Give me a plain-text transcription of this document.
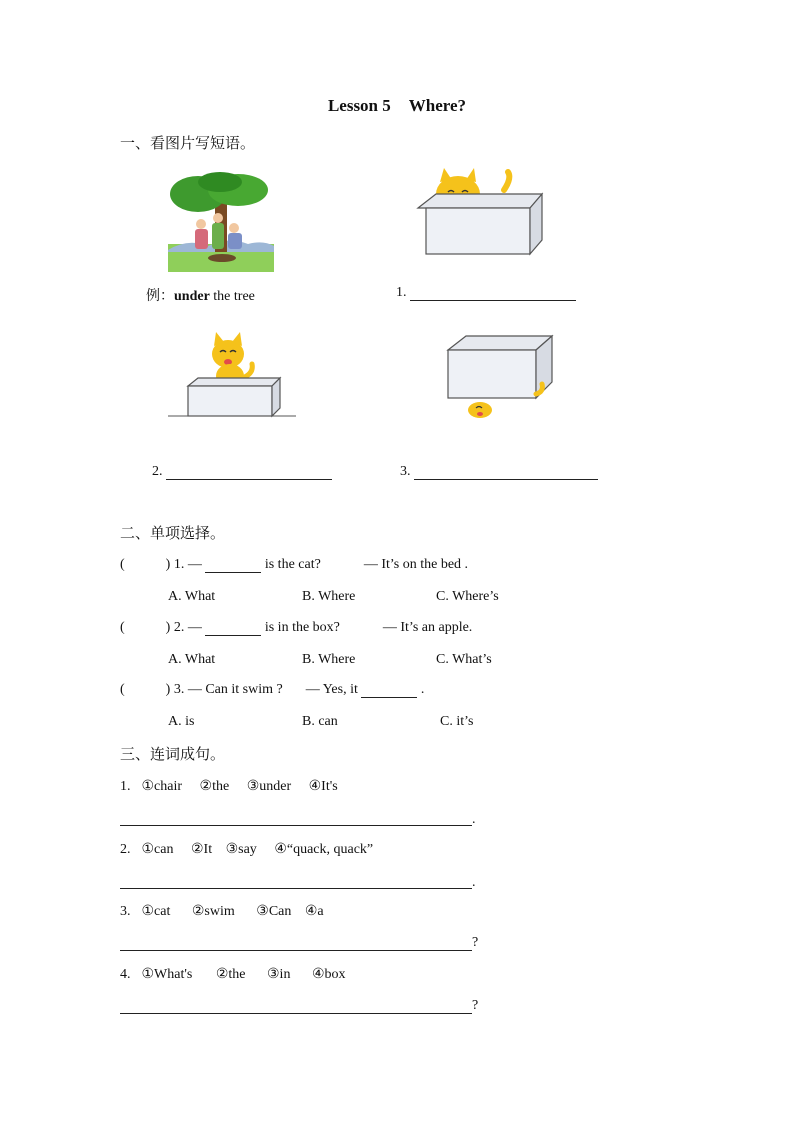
Lesson 5 Where?
一、看图片写短语。
例：under the tree	1.
2.	3.
二、单项选择。
(	) 1. —	is the cat?	— It’s on the bed .
A. What	B. Where	C. Where’s
(	) 2. —	is in the box?	— It’s an apple.
A. What	B. Where	C. What’s
(	) 3. — Can it swim ? — Yes, it	.
A. is	B. can	C. it’s
三、连词成句。
1. ①chair ②the ③under ④It's
.
2. ①can ②It ③say ④“quack, quack”
.
3. ①cat ②swim ③Can ④a
?
4. ①What's ②the ③in ④box
?
